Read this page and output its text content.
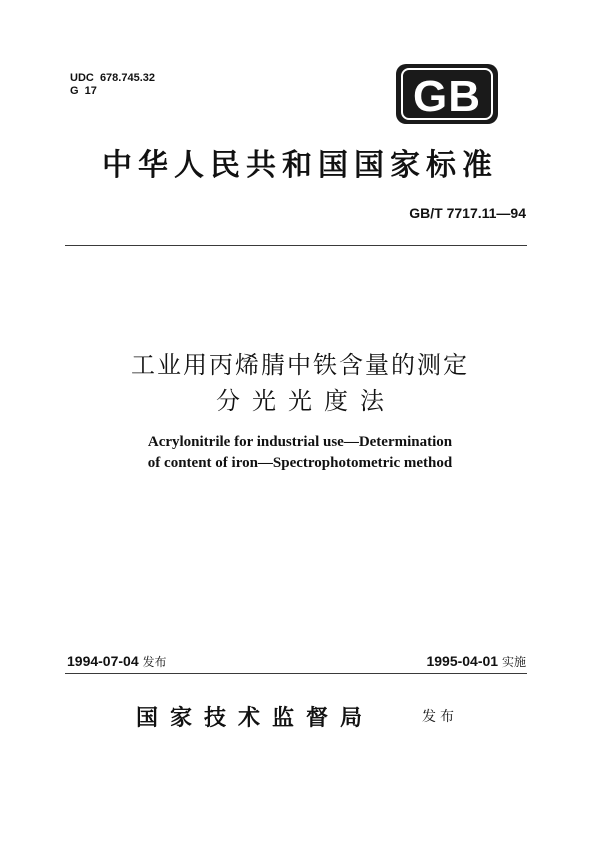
UDC  678.745.32
G  17	GB
中华人民共和国国家标准
GB/T 7717.11—94
工业用丙烯腈中铁含量的测定
分光光度法
Acrylonitrile for industrial use—Determination
of content of iron—Spectrophotometric method
1994-07-04 发布	1995-04-01 实施
国家技术监督局	发布
